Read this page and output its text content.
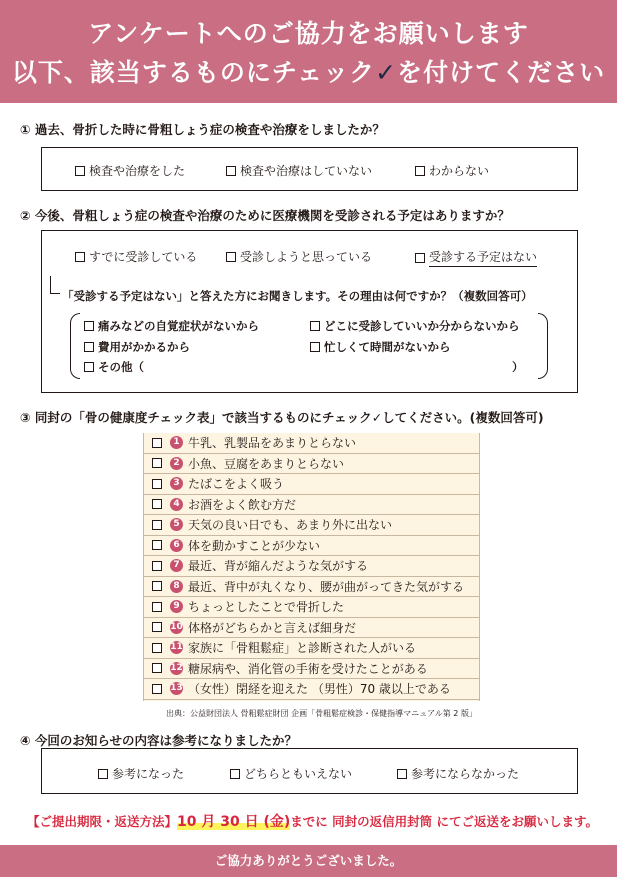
アンケートへのご協力をお願いします
以下、該当するものにチェック✓を付けてください
① 過去、骨折した時に骨粗しょう症の検査や治療をしましたか？
検査や治療をした	検査や治療はしていない	わからない
② 今後、骨粗しょう症の検査や治療のために医療機関を受診される予定はありますか？
すでに受診している	受診しようと思っている	受診する予定はない
「受診する予定はない」と答えた方にお聞きします。その理由は何ですか？（複数回答可）
痛みなどの自覚症状がないから	どこに受診していいか分からないから
費用がかかるから	忙しくて時間がないから
その他（	）
③ 同封の「骨の健康度チェック表」で該当するものにチェック✓してください。(複数回答可)
1 牛乳、乳製品をあまりとらない
2 小魚、豆腐をあまりとらない
3 たばこをよく吸う
4 お酒をよく飲む方だ
5 天気の良い日でも、あまり外に出ない
6 体を動かすことが少ない
7 最近、背が縮んだような気がする
8 最近、背中が丸くなり、腰が曲がってきた気がする
9 ちょっとしたことで骨折した
10 体格がどちらかと言えば細身だ
11 家族に「骨粗鬆症」と診断された人がいる
12 糖尿病や、消化管の手術を受けたことがある
13 （女性）閉経を迎えた （男性）70 歳以上である
出典：公益財団法人 骨粗鬆症財団 企画「骨粗鬆症検診・保健指導マニュアル第 2 版」
④ 今回のお知らせの内容は参考になりましたか？
参考になった	どちらともいえない	参考にならなかった
【ご提出期限・返送方法】10 月 30 日 (金)までに 同封の返信用封筒 にてご返送をお願いします。
ご協力ありがとうございました。
